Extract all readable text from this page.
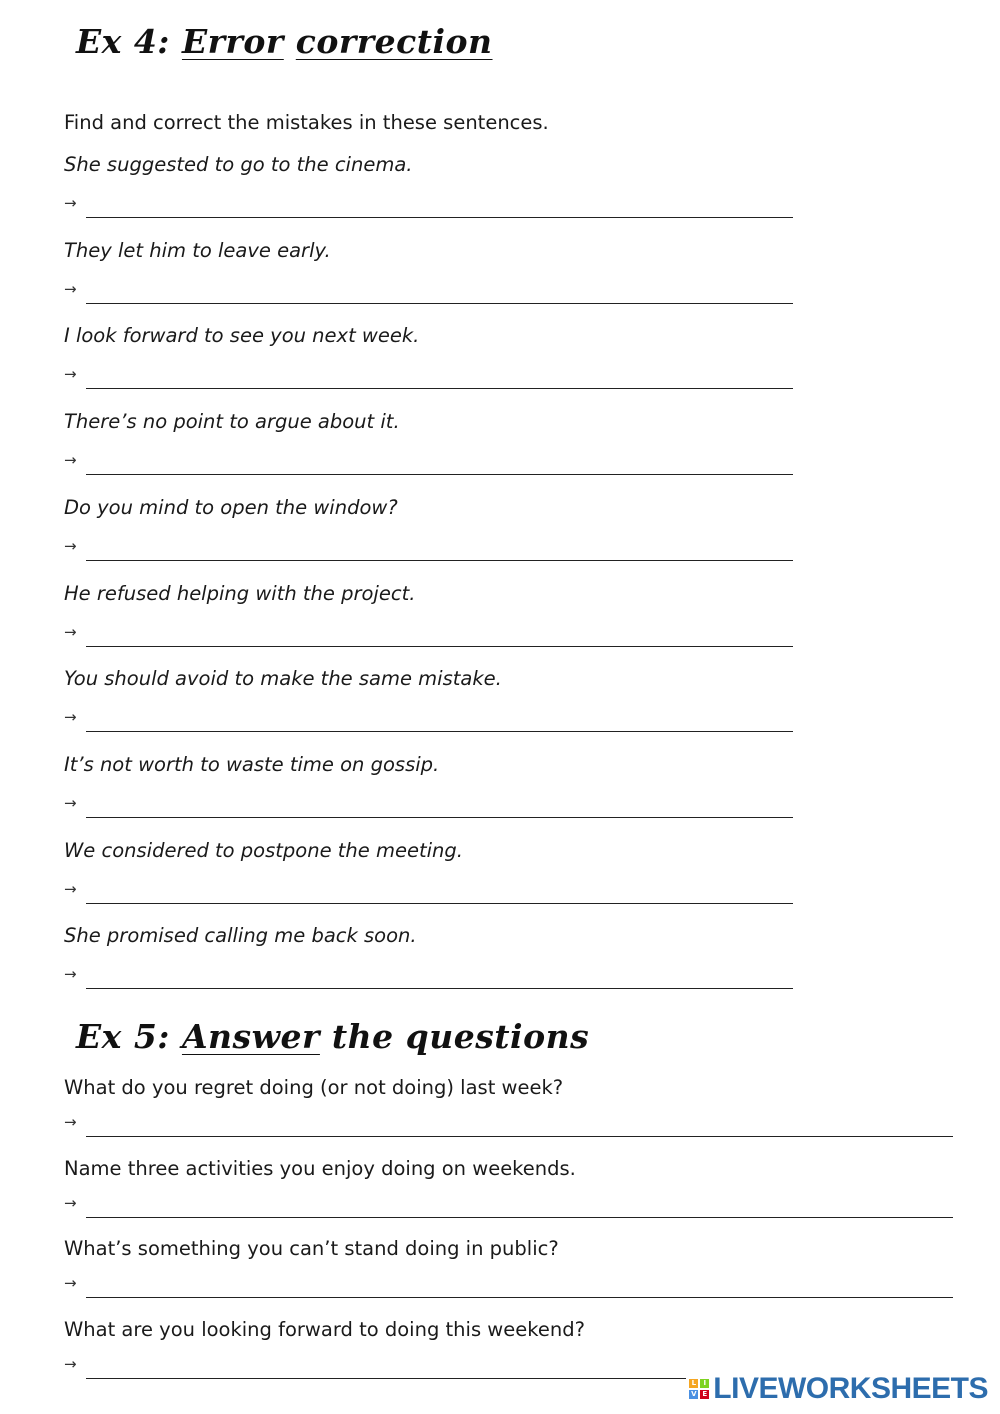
Ex 4: Error correction

Find and correct the mistakes in these sentences.

She suggested to go to the cinema.

→

They let him to leave early.

→

I look forward to see you next week.

→

There’s no point to argue about it.

→

Do you mind to open the window?

→

He refused helping with the project.

→

You should avoid to make the same mistake.

→

It’s not worth to waste time on gossip.

→

We considered to postpone the meeting.

→

She promised calling me back soon.

→
Ex 5: Answer the questions

What do you regret doing (or not doing) last week?

→

Name three activities you enjoy doing on weekends.

→

What’s something you can’t stand doing in public?

→

What are you looking forward to doing this weekend?

→
L	I
V E LIVEWORKSHEETS
